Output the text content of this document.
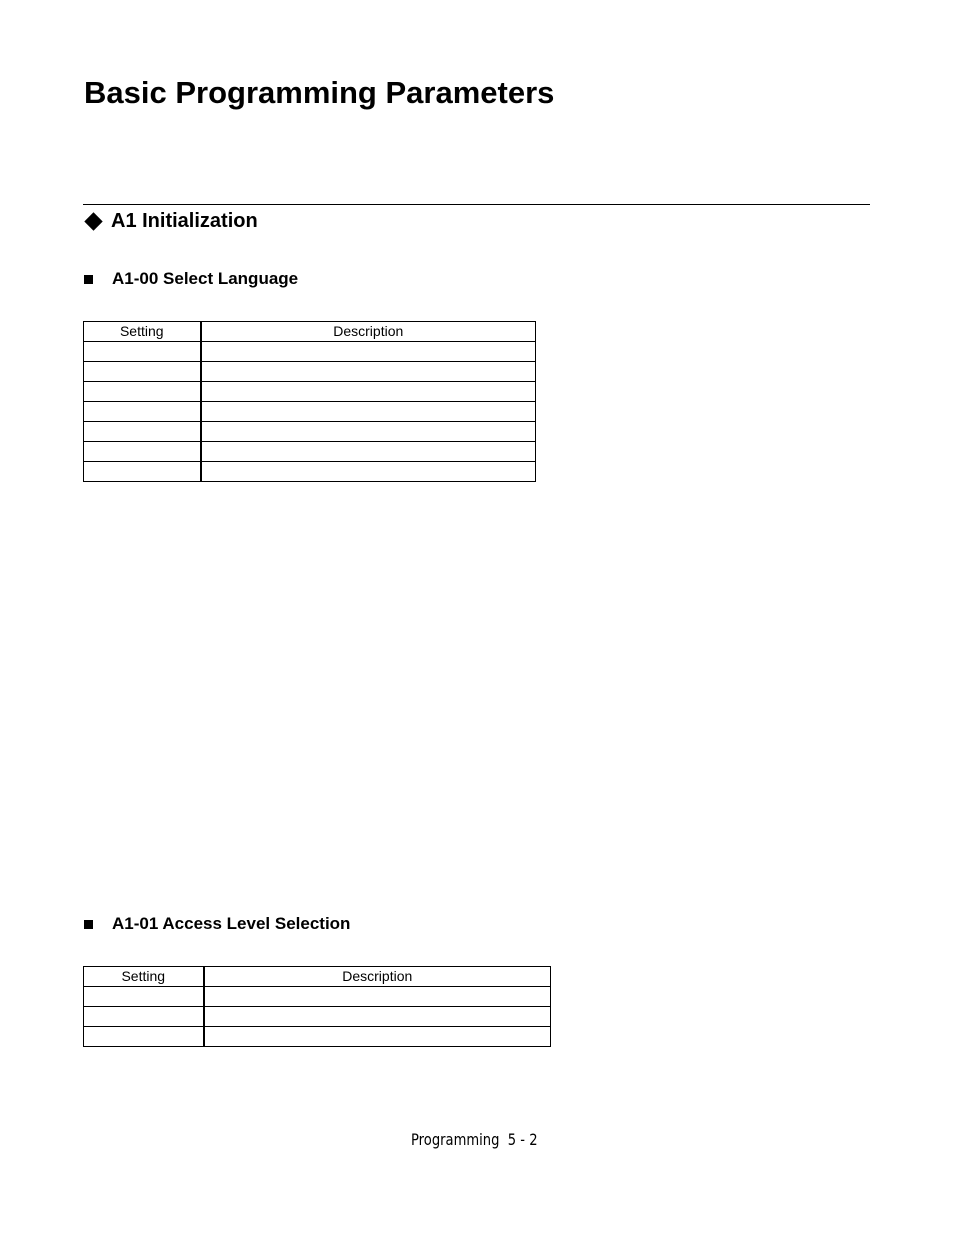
Basic Programming Parameters
A1 Initialization
A1-00 Select Language
Setting	Description

A1-01 Access Level Selection
Setting	Description

Programming  5 - 2
